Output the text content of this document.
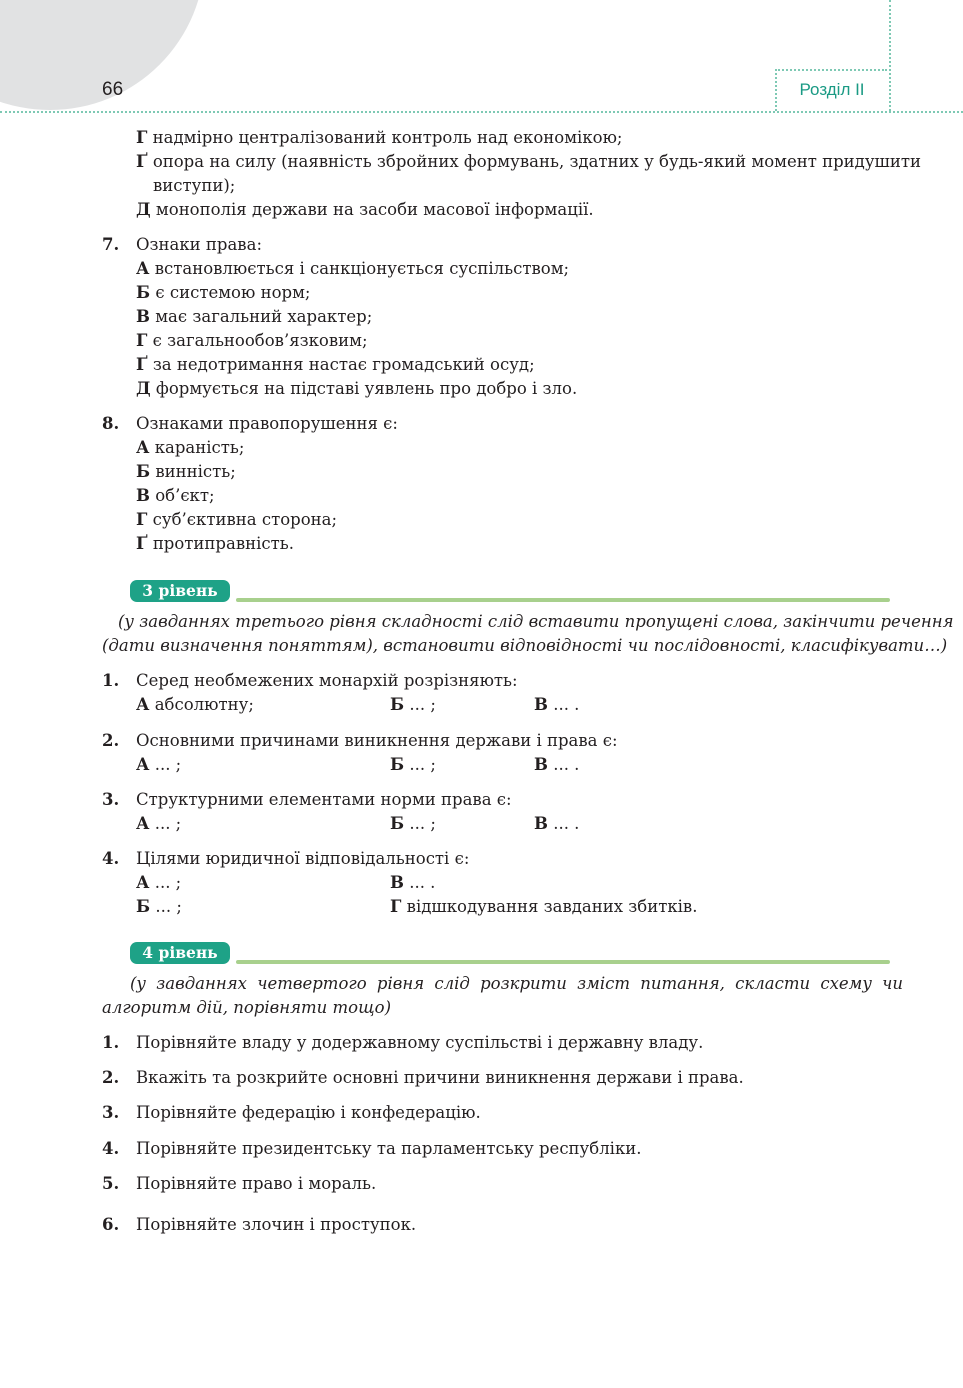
66	Розділ II
Г надмірно централізований контроль над економікою;
Ґ опора на силу (наявність збройних формувань, здатних у будь-який момент придушити
виступи);
Д монополія держави на засоби масової інформації.
7. Ознаки права:
А встановлюється і санкціонується суспільством;
Б є системою норм;
В має загальний характер;
Г є загальнообов’язковим;
Ґ за недотримання настає громадський осуд;
Д формується на підставі уявлень про добро і зло.
8. Ознаками правопорушення є:
А караність;
Б винність;
В об’єкт;
Г суб’єктивна сторона;
Ґ протиправність.
3 рівень
(у завданнях третього рівня складності слід вставити пропущені слова, закінчити речення
(дати визначення поняттям), встановити відповідності чи послідовності, класифікувати…)
1. Серед необмежених монархій розрізняють:
А абсолютну;	Б ... ;	В ... .
2. Основними причинами виникнення держави і права є:
А ... ;	Б ... ;	В ... .
3. Структурними елементами норми права є:
А ... ;	Б ... ;	В ... .
4. Цілями юридичної відповідальності є:
А ... ;	В ... .
Б ... ;	Г відшкодування завданих збитків.
4 рівень
(у завданнях четвертого рівня слід розкрити зміст питання, скласти схему чи
алгоритм дій, порівняти тощо)
1. Порівняйте владу у додержавному суспільстві і державну владу.
2. Вкажіть та розкрийте основні причини виникнення держави і права.
3. Порівняйте федерацію і конфедерацію.
4. Порівняйте президентську та парламентську республіки.
5. Порівняйте право і мораль.
6. Порівняйте злочин і проступок.
